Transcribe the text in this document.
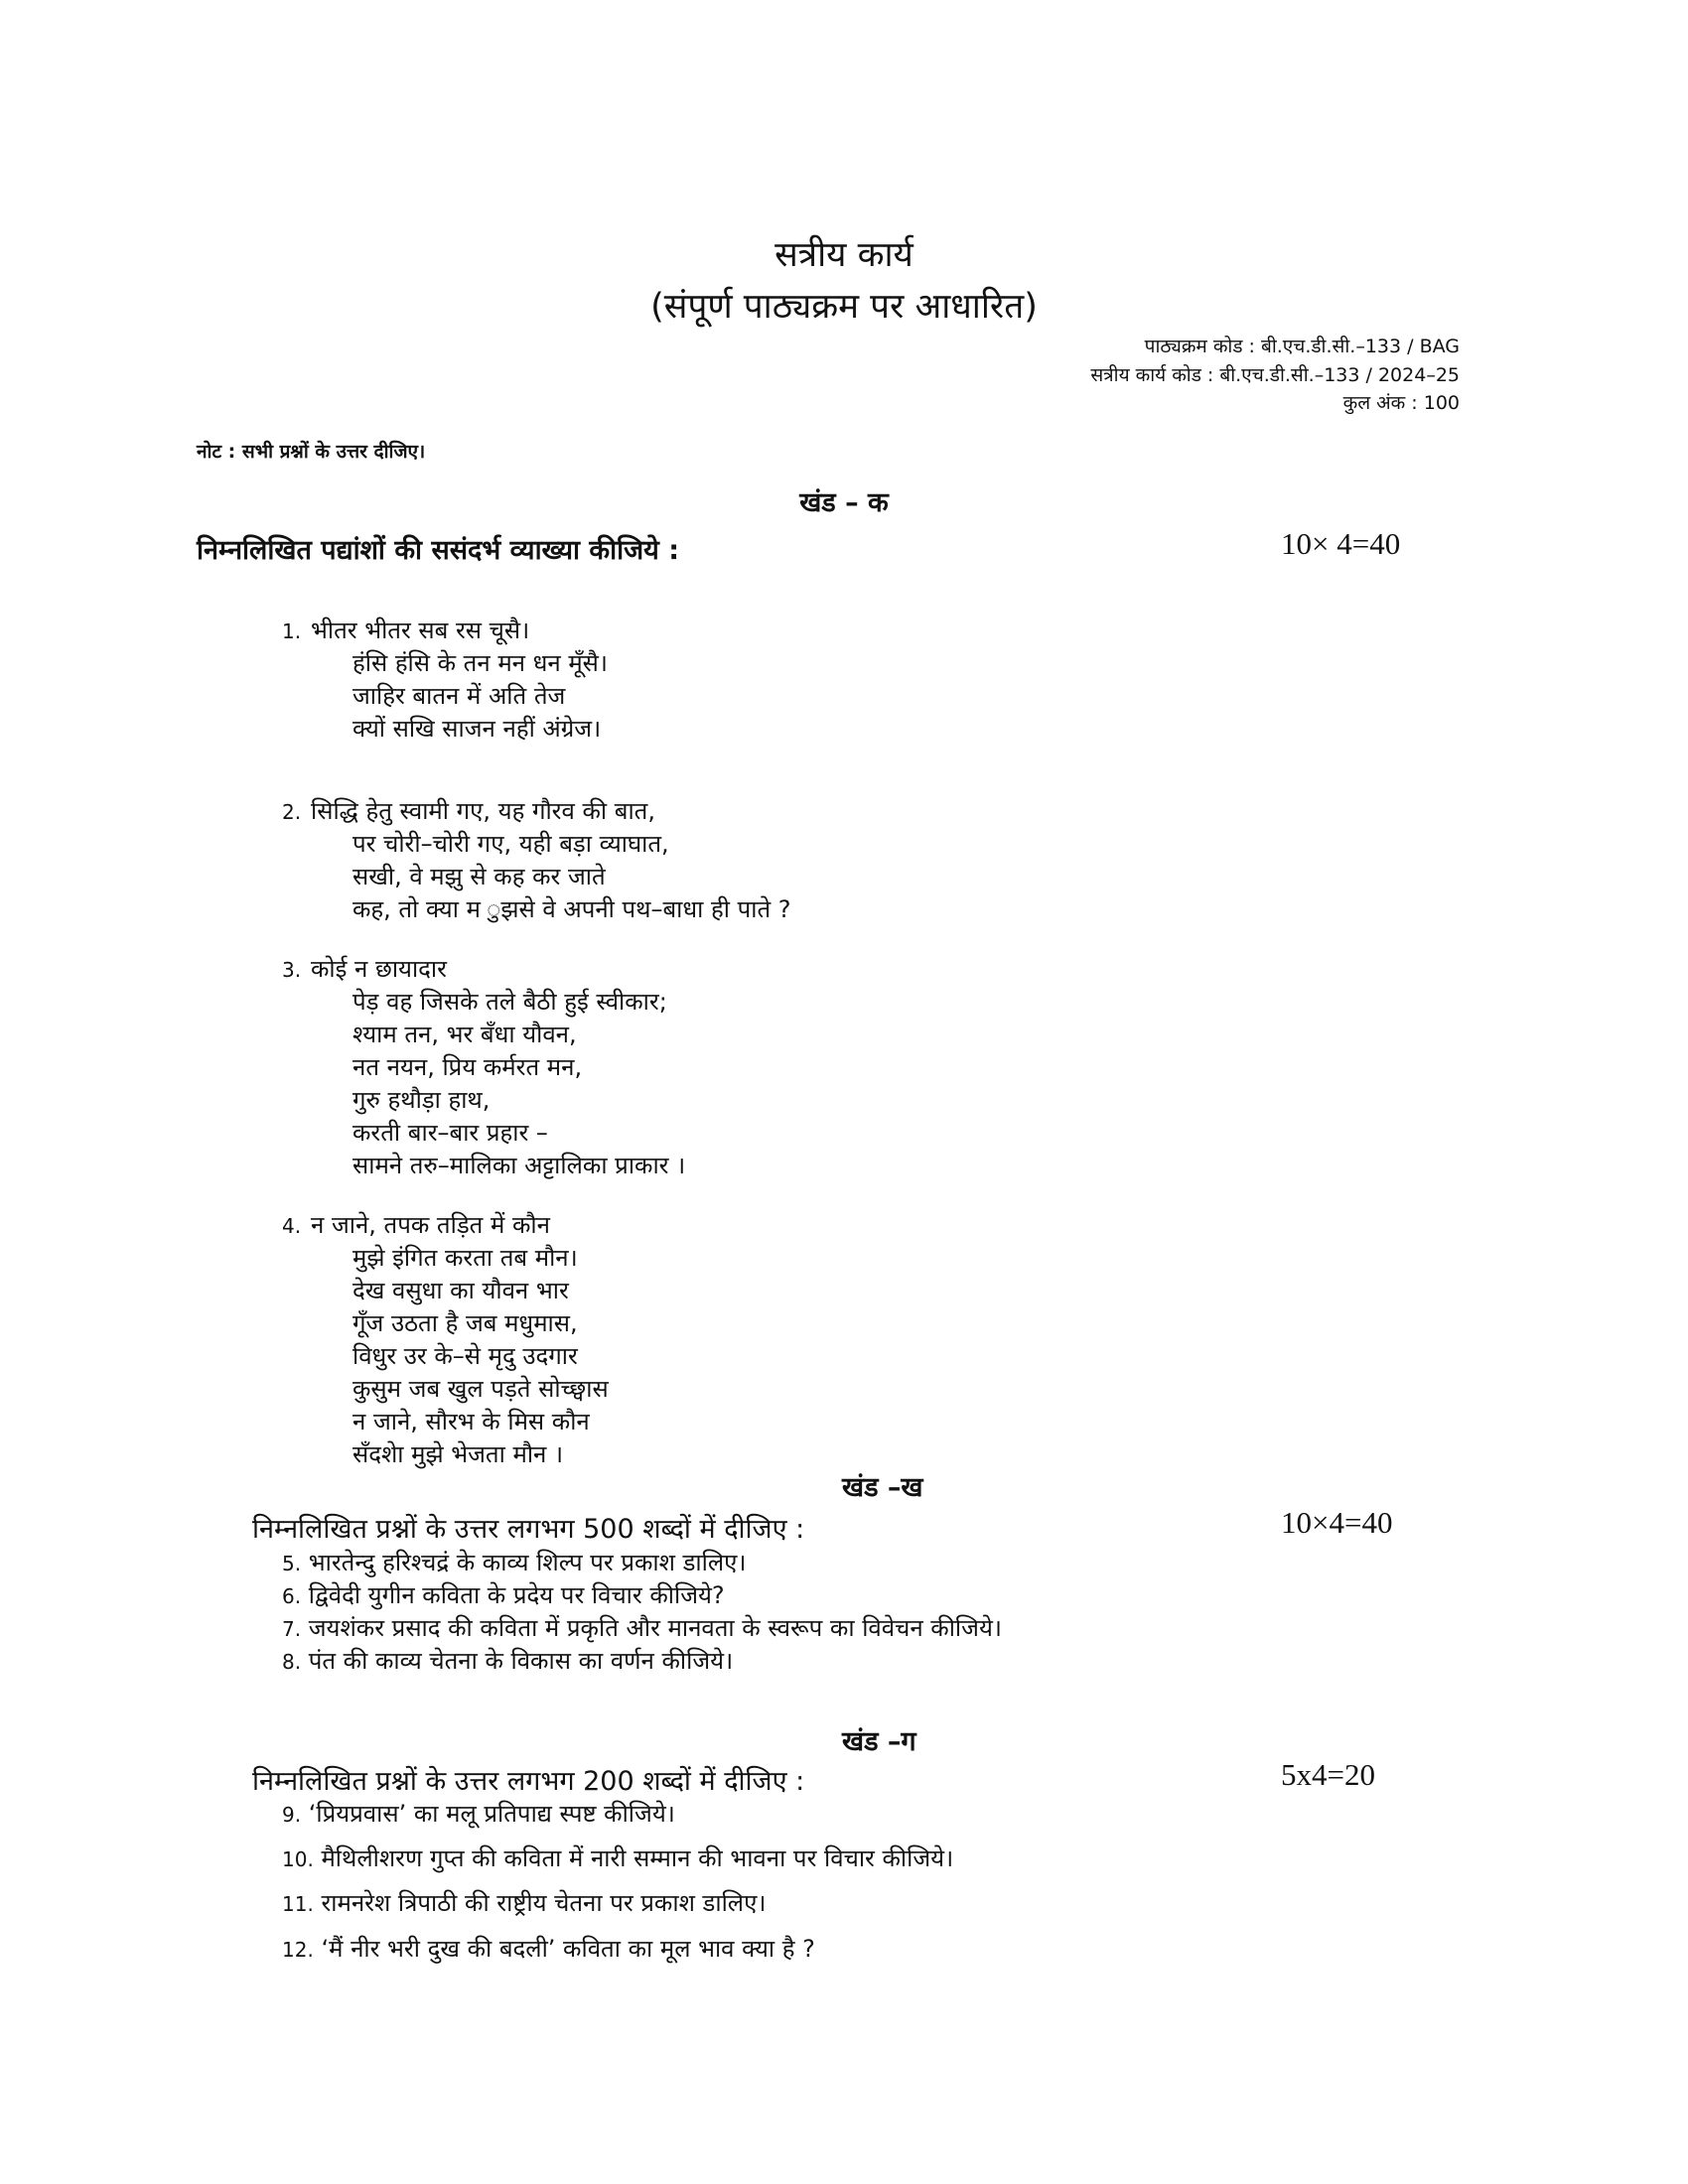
सत्रीय कार्य
(संपूर्ण पाठ्यक्रम पर आधारित)
पाठ्यक्रम कोड : बी.एच.डी.सी.–133 / BAG
सत्रीय कार्य कोड : बी.एच.डी.सी.–133 / 2024–25
कुल अंक : 100
नोट : सभी प्रश्नों के उत्तर दीजिए।
खंड – क
निम्नलिखित पद्यांशों की ससंदर्भ व्याख्या कीजिये :	10× 4=40
1. भीतर भीतर सब रस चूसै।
हंसि हंसि के तन मन धन मूँसै।
जाहिर बातन में अति तेज
क्यों सखि साजन नहीं अंग्रेज।
2. सिद्धि हेतु स्वामी गए, यह गौरव की बात,
पर चोरी–चोरी गए, यही बड़ा व्याघात,
सखी, वे मझु से कह कर जाते
कह, तो क्या म ुझसे वे अपनी पथ–बाधा ही पाते ?
3. कोई न छायादार
पेड़ वह जिसके तले बैठी हुई स्वीकार;
श्याम तन, भर बँधा यौवन,
नत नयन, प्रिय कर्मरत मन,
गुरु हथौड़ा हाथ,
करती बार–बार प्रहार –
सामने तरु–मालिका अट्टालिका प्राकार ।
4. न जाने, तपक तड़ित में कौन
मुझे इंगित करता तब मौन।
देख वसुधा का यौवन भार
गूँज उठता है जब मधुमास,
विधुर उर के–से मृदु उदगार
कुसुम जब खुल पड़ते सोच्छ्वास
न जाने, सौरभ के मिस कौन
सँदशेा मुझे भेजता मौन ।
खंड –ख
निम्नलिखित प्रश्नों के उत्तर लगभग 500 शब्दों में दीजिए :	10×4=40
5. भारतेन्दु हरिश्चद्रं के काव्य शिल्प पर प्रकाश डालिए।
6. द्विवेदी युगीन कविता के प्रदेय पर विचार कीजिये?
7. जयशंकर प्रसाद की कविता में प्रकृति और मानवता के स्वरूप का विवेचन कीजिये।
8. पंत की काव्य चेतना के विकास का वर्णन कीजिये।
खंड –ग
निम्नलिखित प्रश्नों के उत्तर लगभग 200 शब्दों में दीजिए :	5x4=20
9. ‘प्रियप्रवास’ का मलू प्रतिपाद्य स्पष्ट कीजिये।
10. मैथिलीशरण गुप्त की कविता में नारी सम्मान की भावना पर विचार कीजिये।
11. रामनरेश त्रिपाठी की राष्ट्रीय चेतना पर प्रकाश डालिए।
12. ‘मैं नीर भरी दुख की बदली’ कविता का मूल भाव क्या है ?
